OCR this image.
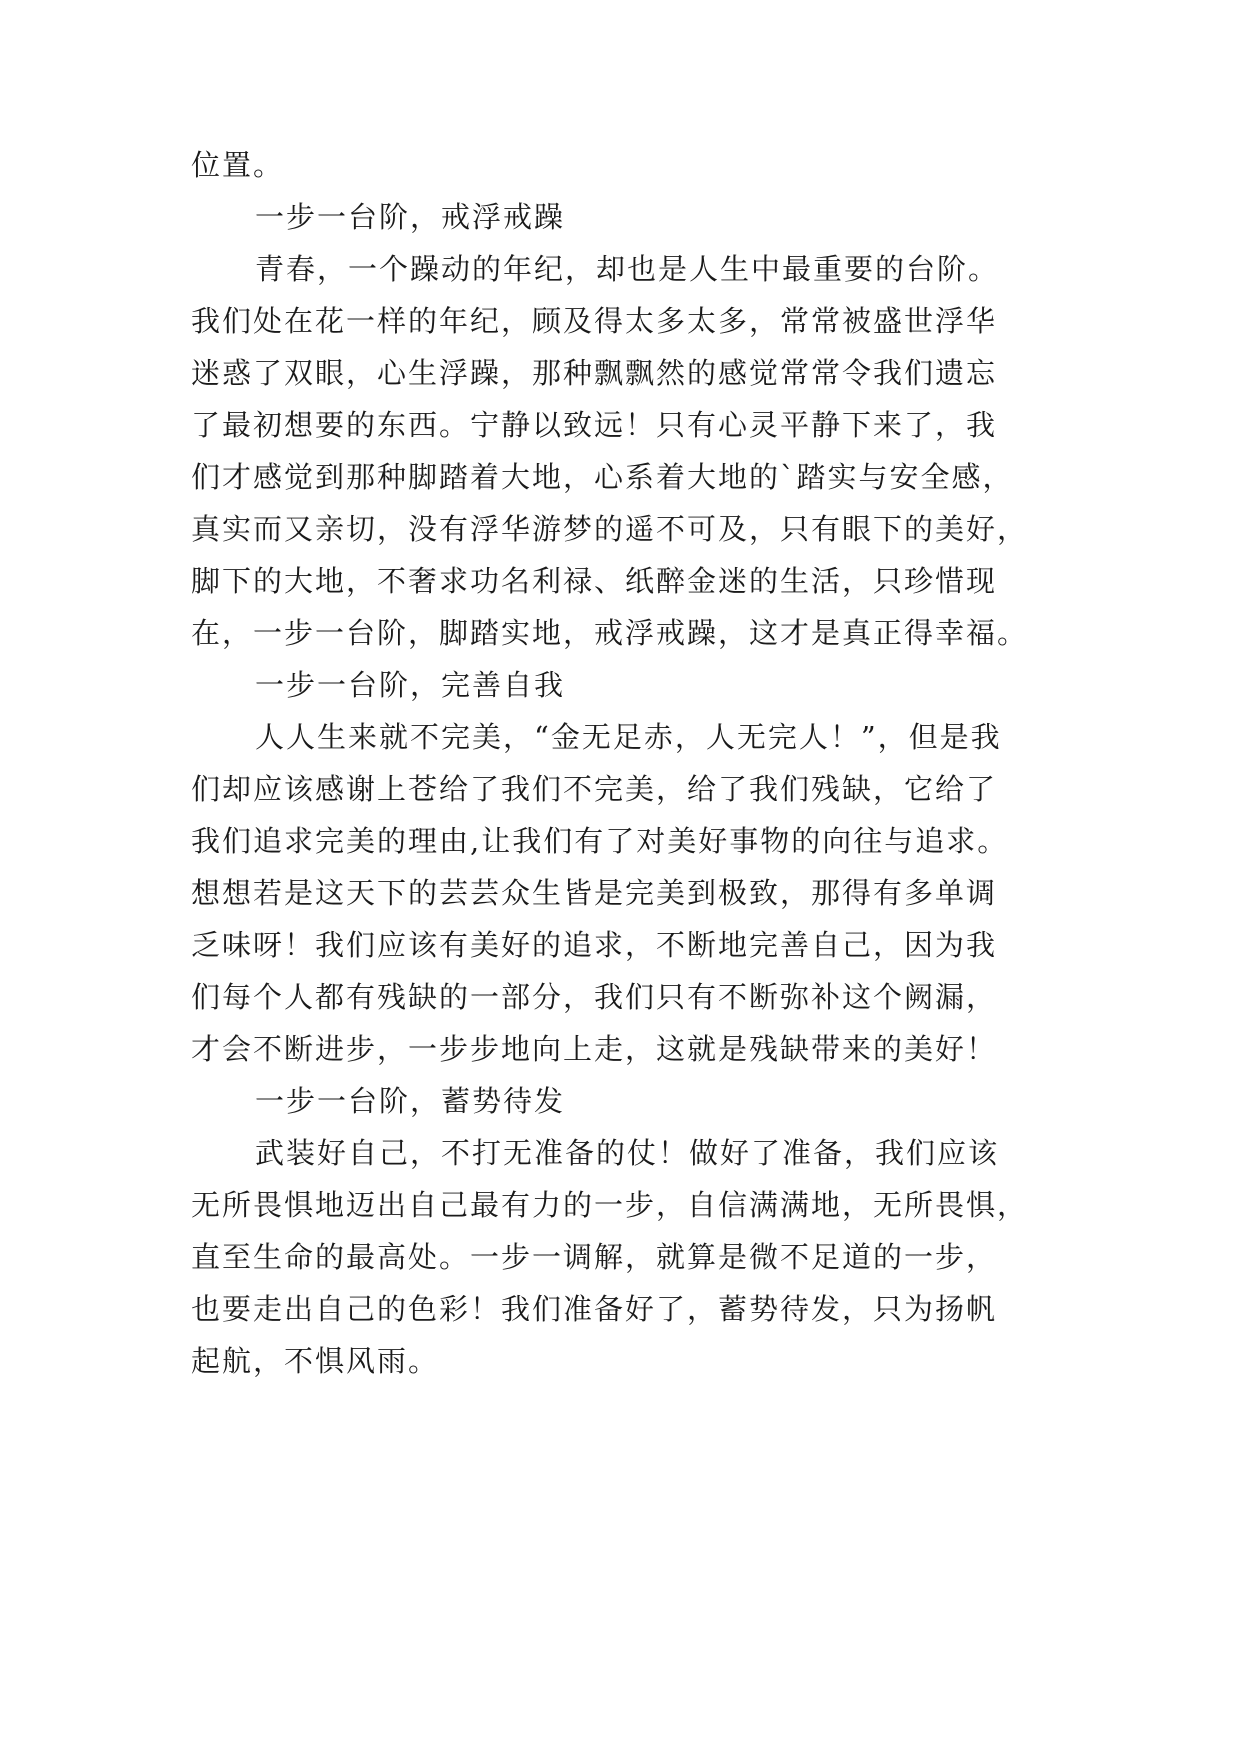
位置。
一步一台阶，戒浮戒躁
青春，一个躁动的年纪，却也是人生中最重要的台阶。
我们处在花一样的年纪，顾及得太多太多，常常被盛世浮华
迷惑了双眼，心生浮躁，那种飘飘然的感觉常常令我们遗忘
了最初想要的东西。宁静以致远！只有心灵平静下来了，我
们才感觉到那种脚踏着大地，心系着大地的`踏实与安全感，
真实而又亲切，没有浮华游梦的遥不可及，只有眼下的美好，
脚下的大地，不奢求功名利禄、纸醉金迷的生活，只珍惜现
在，一步一台阶，脚踏实地，戒浮戒躁，这才是真正得幸福。
一步一台阶，完善自我
人人生来就不完美，“金无足赤，人无完人！”，但是我
们却应该感谢上苍给了我们不完美，给了我们残缺，它给了
我们追求完美的理由,让我们有了对美好事物的向往与追求。
想想若是这天下的芸芸众生皆是完美到极致，那得有多单调
乏味呀！我们应该有美好的追求，不断地完善自己，因为我
们每个人都有残缺的一部分，我们只有不断弥补这个阙漏，
才会不断进步，一步步地向上走，这就是残缺带来的美好！
一步一台阶，蓄势待发
武装好自己，不打无准备的仗！做好了准备，我们应该
无所畏惧地迈出自己最有力的一步，自信满满地，无所畏惧，
直至生命的最高处。一步一调解，就算是微不足道的一步，
也要走出自己的色彩！我们准备好了，蓄势待发，只为扬帆
起航，不惧风雨。
